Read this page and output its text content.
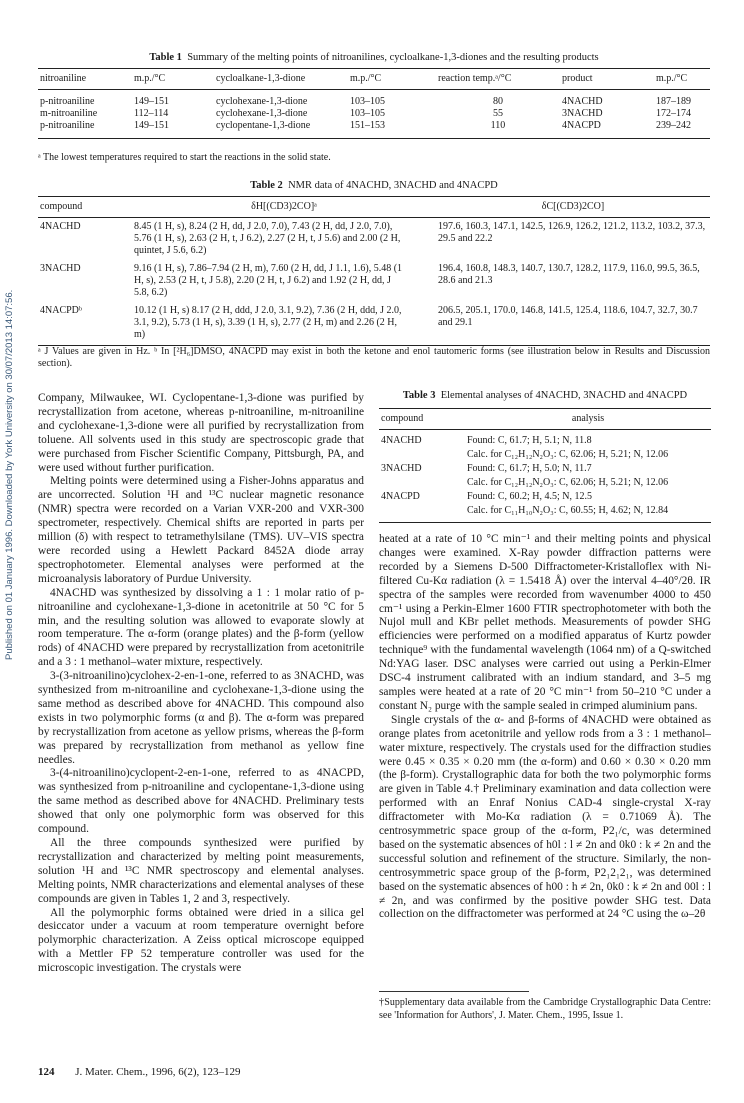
Published on 01 January 1996. Downloaded by York University on 30/07/2013 14:07:56.
Table 1 Summary of the melting points of nitroanilines, cycloalkane-1,3-diones and the resulting products
nitroaniline	m.p./°C	cycloalkane-1,3-dione	m.p./°C	reaction temp.ᵃ/°C	product	m.p./°C
p-nitroaniline	149–151	cyclohexane-1,3-dione	103–105	80	4NACHD	187–189
m-nitroaniline	112–114	cyclohexane-1,3-dione	103–105	55	3NACHD	172–174
p-nitroaniline	149–151	cyclopentane-1,3-dione	151–153	110	4NACPD	239–242
ᵃ The lowest temperatures required to start the reactions in the solid state.
Table 2 NMR data of 4NACHD, 3NACHD and 4NACPD
compound	δH[(CD3)2CO]ᵃ	δC[(CD3)2CO]
4NACHD	8.45 (1 H, s), 8.24 (2 H, dd, J 2.0, 7.0), 7.43 (2 H, dd, J 2.0, 7.0), 5.76 (1 H, s), 2.63 (2 H, t, J 6.2), 2.27 (2 H, t, J 5.6) and 2.00 (2 H, quintet, J 5.6, 6.2)	197.6, 160.3, 147.1, 142.5, 126.9, 126.2, 121.2, 113.2, 103.2, 37.3, 29.5 and 22.2
3NACHD	9.16 (1 H, s), 7.86–7.94 (2 H, m), 7.60 (2 H, dd, J 1.1, 1.6), 5.48 (1 H, s), 2.53 (2 H, t, J 5.8), 2.20 (2 H, t, J 6.2) and 1.92 (2 H, dd, J 5.8, 6.2)	196.4, 160.8, 148.3, 140.7, 130.7, 128.2, 117.9, 116.0, 99.5, 36.5, 28.6 and 21.3
4NACPDᵇ	10.12 (1 H, s) 8.17 (2 H, ddd, J 2.0, 3.1, 9.2), 7.36 (2 H, ddd, J 2.0, 3.1, 9.2), 5.73 (1 H, s), 3.39 (1 H, s), 2.77 (2 H, m) and 2.26 (2 H, m)	206.5, 205.1, 170.0, 146.8, 141.5, 125.4, 118.6, 104.7, 32.7, 30.7 and 29.1
ᵃ J Values are given in Hz. ᵇ In [²H₆]DMSO, 4NACPD may exist in both the ketone and enol tautomeric forms (see illustration below in Results and Discussion section).
Table 3 Elemental analyses of 4NACHD, 3NACHD and 4NACPD
compound	analysis
4NACHD	Found: C, 61.7; H, 5.1; N, 11.8
	Calc. for C₁₂H₁₂N₂O₃: C, 62.06; H, 5.21; N, 12.06
3NACHD	Found: C, 61.7; H, 5.0; N, 11.7
	Calc. for C₁₂H₁₂N₂O₃: C, 62.06; H, 5.21; N, 12.06
4NACPD	Found: C, 60.2; H, 4.5; N, 12.5
	Calc. for C₁₁H₁₀N₂O₃: C, 60.55; H, 4.62; N, 12.84

Company, Milwaukee, WI. Cyclopentane-1,3-dione was purified by recrystallization from acetone, whereas p-nitroaniline, m-nitroaniline and cyclohexane-1,3-dione were all purified by recrystallization from toluene. All solvents used in this study are spectroscopic grade that were purchased from Fischer Scientific Company, Pittsburgh, PA, and were used without further purification.

Melting points were determined using a Fisher-Johns apparatus and are uncorrected. Solution ¹H and ¹³C nuclear magnetic resonance (NMR) spectra were recorded on a Varian VXR-200 and VXR-300 spectrometer, respectively. Chemical shifts are reported in parts per million (δ) with respect to tetramethylsilane (TMS). UV–VIS spectra were recorded using a Hewlett Packard 8452A diode array spectrophotometer. Elemental analyses were performed at the microanalysis laboratory of Purdue University.

4NACHD was synthesized by dissolving a 1 : 1 molar ratio of p-nitroaniline and cyclohexane-1,3-dione in acetonitrile at 50 °C for 5 min, and the resulting solution was allowed to evaporate slowly at room temperature. The α-form (orange plates) and the β-form (yellow rods) of 4NACHD were prepared by recrystallization from acetonitrile and a 3 : 1 methanol–water mixture, respectively.

3-(3-nitroanilino)cyclohex-2-en-1-one, referred to as 3NACHD, was synthesized from m-nitroaniline and cyclohexane-1,3-dione using the same method as described above for 4NACHD. This compound also exists in two polymorphic forms (α and β). The α-form was prepared by recrystallization from acetone as yellow prisms, whereas the β-form was prepared by recrystallization from methanol as yellow fine needles.

3-(4-nitroanilino)cyclopent-2-en-1-one, referred to as 4NACPD, was synthesized from p-nitroaniline and cyclopentane-1,3-dione using the same method as described above for 4NACHD. Preliminary tests showed that only one polymorphic form was observed for this compound.

All the three compounds synthesized were purified by recrystallization and characterized by melting point measurements, solution ¹H and ¹³C NMR spectroscopy and elemental analyses. Melting points, NMR characterizations and elemental analyses of these compounds are given in Tables 1, 2 and 3, respectively.

All the polymorphic forms obtained were dried in a silica gel desiccator under a vacuum at room temperature overnight before polymorphic characterization. A Zeiss optical microscope equipped with a Mettler FP 52 temperature controller was used for the microscopic investigation. The crystals were

heated at a rate of 10 °C min⁻¹ and their melting points and physical changes were examined. X-Ray powder diffraction patterns were recorded by a Siemens D-500 Diffractometer-Kristalloflex with Ni-filtered Cu-Kα radiation (λ = 1.5418 Å) over the interval 4–40°/2θ. IR spectra of the samples were recorded from wavenumber 4000 to 450 cm⁻¹ using a Perkin-Elmer 1600 FTIR spectrophotometer with both the Nujol mull and KBr pellet methods. Measurements of powder SHG efficiencies were performed on a modified apparatus of Kurtz powder technique⁹ with the fundamental wavelength (1064 nm) of a Q-switched Nd:YAG laser. DSC analyses were carried out using a Perkin-Elmer DSC-4 instrument calibrated with an indium standard, and 3–5 mg samples were heated at a rate of 20 °C min⁻¹ from 50–210 °C under a constant N₂ purge with the sample sealed in crimped aluminium pans.

Single crystals of the α- and β-forms of 4NACHD were obtained as orange plates from acetonitrile and yellow rods from a 3 : 1 methanol–water mixture, respectively. The crystals used for the diffraction studies were 0.45 × 0.35 × 0.20 mm (the α-form) and 0.60 × 0.30 × 0.20 mm (the β-form). Crystallographic data for both the two polymorphic forms are given in Table 4.† Preliminary examination and data collection were performed with an Enraf Nonius CAD-4 single-crystal X-ray diffractometer with Mo-Kα radiation (λ = 0.71069 Å). The centrosymmetric space group of the α-form, P2₁/c, was determined based on the systematic absences of h0l : l ≠ 2n and 0k0 : k ≠ 2n and the successful solution and refinement of the structure. Similarly, the non-centrosymmetric space group of the β-form, P2₁2₁2₁, was determined based on the systematic absences of h00 : h ≠ 2n, 0k0 : k ≠ 2n and 00l : l ≠ 2n, and was confirmed by the positive powder SHG test. Data collection on the diffractometer was performed at 24 °C using the ω–2θ

†Supplementary data available from the Cambridge Crystallographic Data Centre: see 'Information for Authors', J. Mater. Chem., 1995, Issue 1.
124 J. Mater. Chem., 1996, 6(2), 123–129
